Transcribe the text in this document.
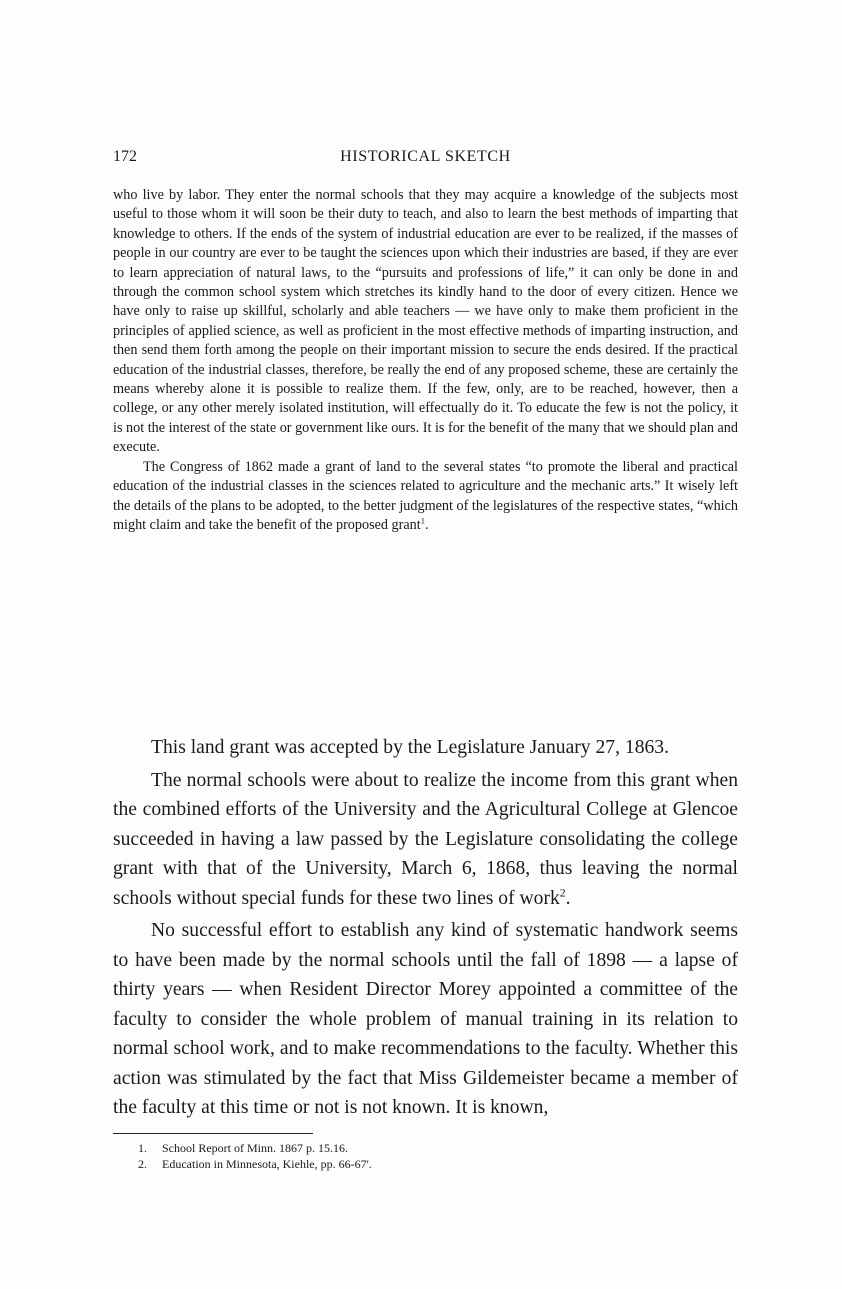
172	HISTORICAL SKETCH

who live by labor. They enter the normal schools that they may acquire a knowledge of the subjects most useful to those whom it will soon be their duty to teach, and also to learn the best methods of imparting that knowledge to others. If the ends of the system of industrial education are ever to be realized, if the masses of people in our country are ever to be taught the sciences upon which their industries are based, if they are ever to learn appreciation of natural laws, to the “pursuits and professions of life,” it can only be done in and through the common school system which stretches its kindly hand to the door of every citizen. Hence we have only to raise up skillful, scholarly and able teachers — we have only to make them proficient in the principles of applied science, as well as proficient in the most effective methods of imparting instruction, and then send them forth among the people on their important mission to secure the ends desired. If the practical education of the industrial classes, therefore, be really the end of any proposed scheme, these are certainly the means whereby alone it is possible to realize them. If the few, only, are to be reached, however, then a college, or any other merely isolated institution, will effectually do it. To educate the few is not the policy, it is not the interest of the state or government like ours. It is for the benefit of the many that we should plan and execute.

The Congress of 1862 made a grant of land to the several states “to promote the liberal and practical education of the industrial classes in the sciences related to agriculture and the mechanic arts.” It wisely left the details of the plans to be adopted, to the better judgment of the legislatures of the respective states, “which might claim and take the benefit of the proposed grant$^1$.

This land grant was accepted by the Legislature January 27, 1863.

The normal schools were about to realize the income from this grant when the combined efforts of the University and the Agricultural College at Glencoe succeeded in having a law passed by the Legislature consolidating the college grant with that of the University, March 6, 1868, thus leaving the normal schools without special funds for these two lines of work$^2$.

No successful effort to establish any kind of systematic handwork seems to have been made by the normal schools until the fall of 1898 — a lapse of thirty years — when Resident Director Morey appointed a committee of the faculty to consider the whole problem of manual training in its relation to normal school work, and to make recommendations to the faculty. Whether this action was stimulated by the fact that Miss Gildemeister became a member of the faculty at this time or not is not known. It is known,

1.	School Report of Minn. 1867 p. 15.16.
2.	Education in Minnesota, Kiehle, pp. 66-67'.
